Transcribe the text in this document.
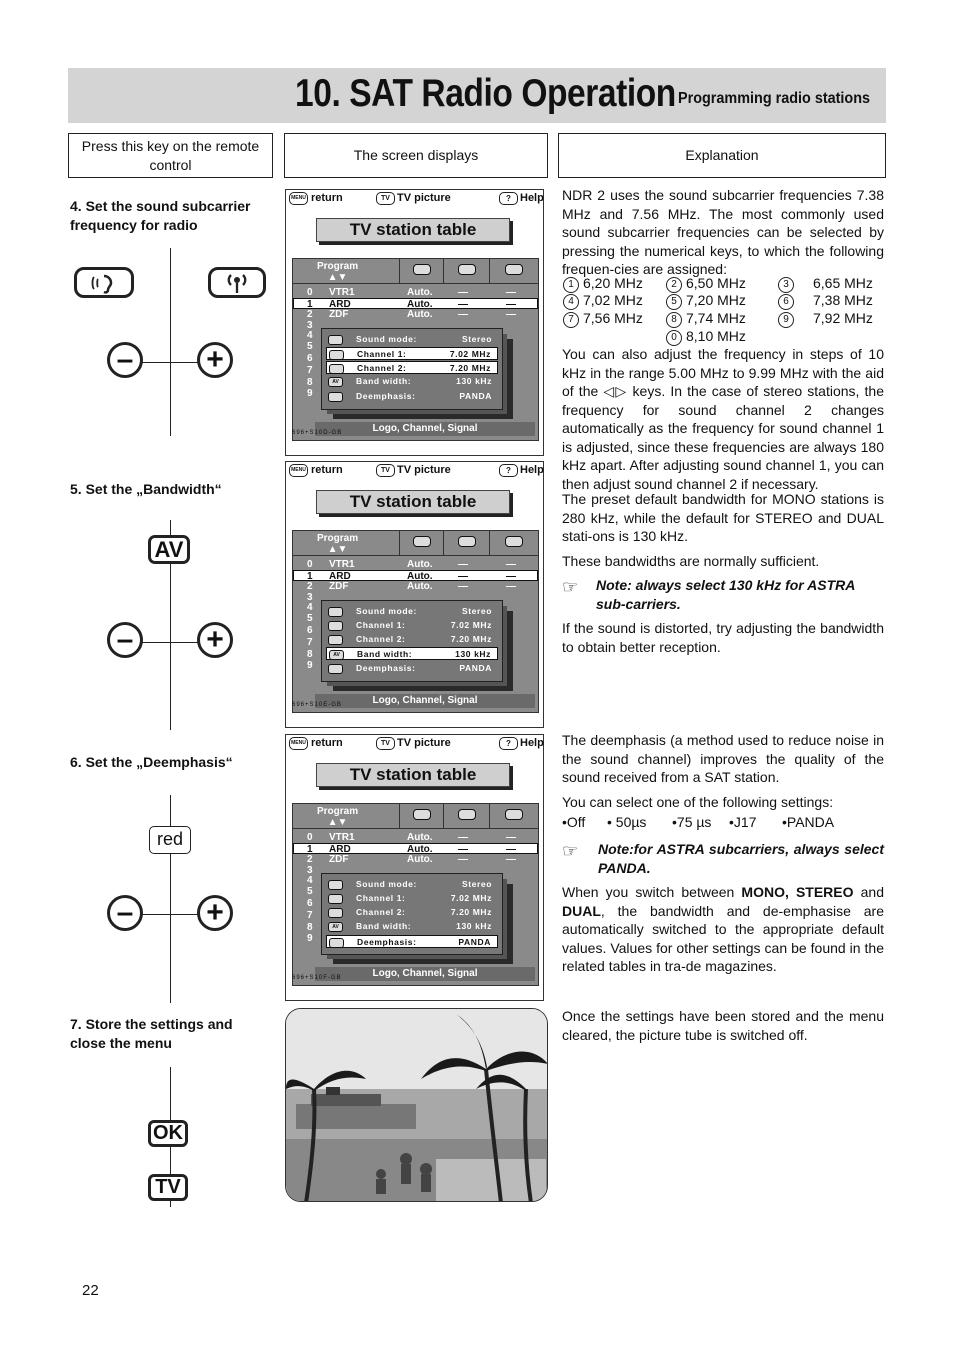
10. SAT Radio Operation Programming radio stations
Press this key on the remote control
The screen displays	Explanation
4. Set the sound subcarrier frequency for radio
–	+
MENU return	TV TV picture	? Help
TV station table
Program
▲▼
0 VTR1	Auto.	—	—
1 ARD	Auto.	—	—
2 ZDF	Auto.	—	—
3
4
5
6
7
8
9
Sound mode:	Stereo
Channel 1:	7.02 MHz
Channel 2:	7.20 MHz
AV	Band width:	130 kHz
Deemphasis:	PANDA
Logo, Channel, Signal
696+S10D-GB

NDR 2 uses the sound subcarrier frequencies 7.38 MHz and 7.56 MHz. The most commonly used sound subcarrier frequencies can be selected by pressing the numerical keys, to which the following frequen-cies are assigned:

1 6,20 MHz	2 6,50 MHz	3 6,65 MHz
4 7,02 MHz	5 7,20 MHz	6 7,38 MHz
7 7,56 MHz	8 7,74 MHz	9 7,92 MHz
0 8,10 MHz

You can also adjust the frequency in steps of 10 kHz in the range 5.00 MHz to 9.99 MHz with the aid of the ◁▷ keys. In the case of stereo stations, the frequency for sound channel 2 changes automatically as the frequency for sound channel 1 is adjusted, since these frequencies are always 180 kHz apart. After adjusting sound channel 1, you can then adjust sound channel 2 if necessary.

5. Set the „Bandwidth“
AV
–	+
MENU return	TV TV picture	? Help
TV station table
Program
▲▼
0 VTR1	Auto.	—	—
1 ARD	Auto.	—	—
2 ZDF	Auto.	—	—
3
4
5
6
7
8
9
Sound mode:	Stereo
Channel 1:	7.02 MHz
Channel 2:	7.20 MHz
AV	Band width:	130 kHz
Deemphasis:	PANDA
Logo, Channel, Signal
696+S10E-GB

The preset default bandwidth for MONO stations is 280 kHz, while the default for STEREO and DUAL stati-ons is 130 kHz.

These bandwidths are normally sufficient.

☞ Note: always select 130 kHz for ASTRA sub-carriers.

If the sound is distorted, try adjusting the bandwidth to obtain better reception.

6. Set the „Deemphasis“
red
–	+
MENU return	TV TV picture	? Help
TV station table
Program
▲▼
0 VTR1	Auto.	—	—
1 ARD	Auto.	—	—
2 ZDF	Auto.	—	—
3
4
5
6
7
8
9
Sound mode:	Stereo
Channel 1:	7.02 MHz
Channel 2:	7.20 MHz
AV	Band width:	130 kHz
Deemphasis:	PANDA
Logo, Channel, Signal
696+S10F-GB

The deemphasis (a method used to reduce noise in the sound channel) improves the quality of the sound received from a SAT station.

You can select one of the following settings:

•Off • 50µs •75 µs •J17 •PANDA
☞ Note:for ASTRA subcarriers, always select PANDA.

When you switch between MONO, STEREO and DUAL, the bandwidth and de-emphasise are automatically switched to the appropriate default values. Values for other settings can be found in the related tables in tra-de magazines.

7. Store the settings and close the menu
OK
TV

Once the settings have been stored and the menu cleared, the picture tube is switched off.

22
